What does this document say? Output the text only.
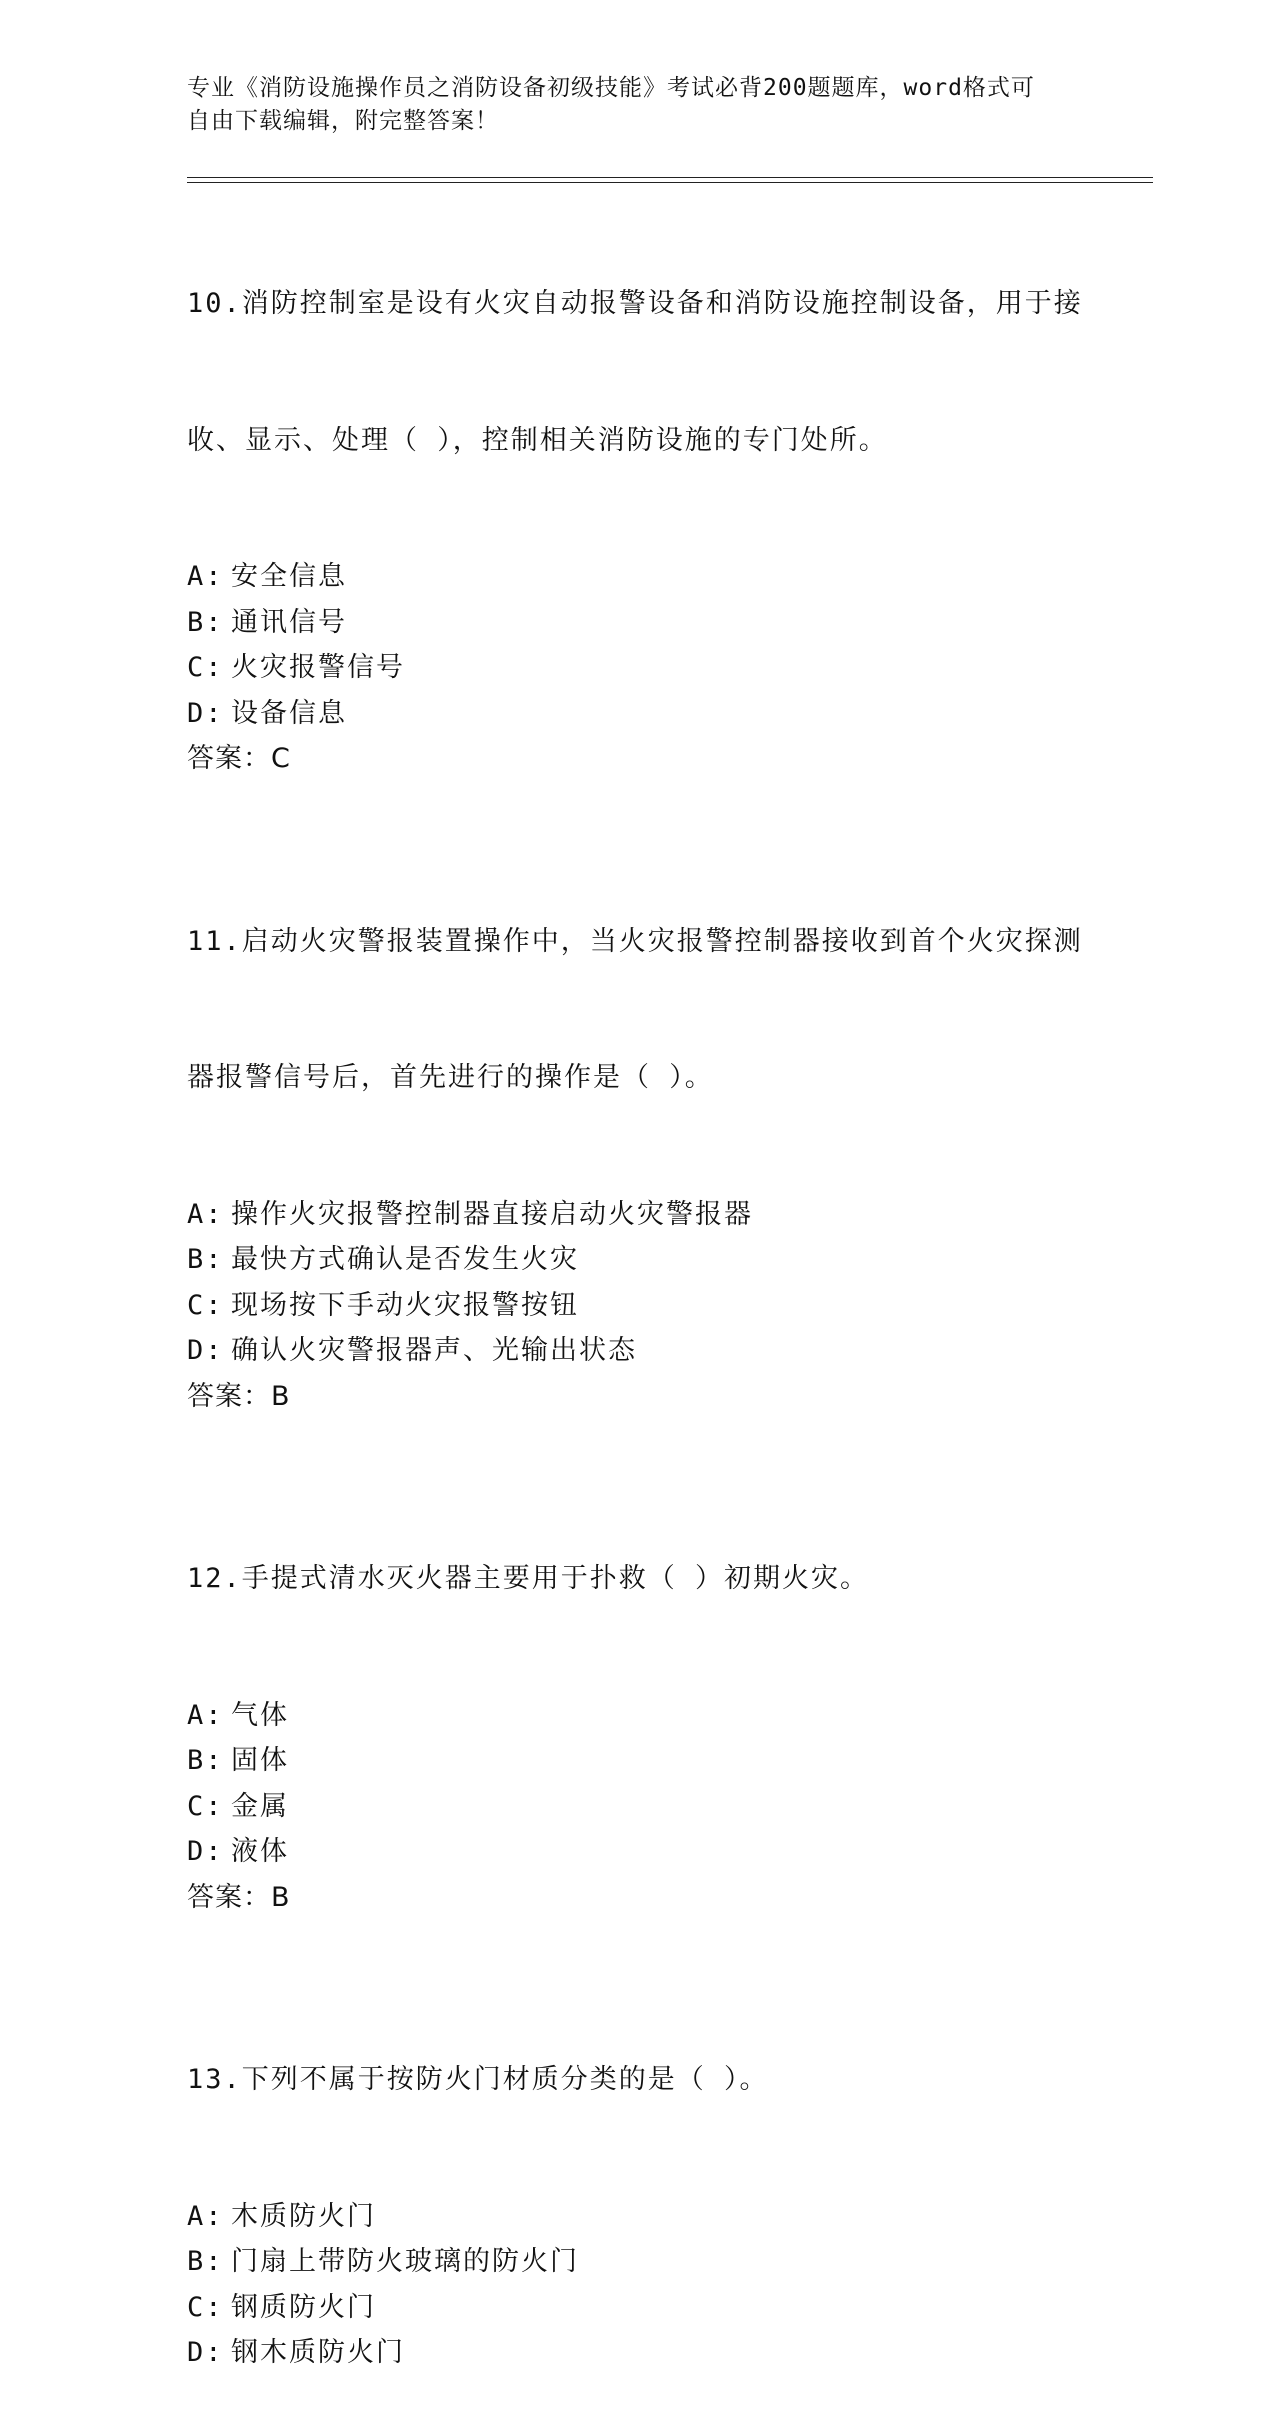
专业《消防设施操作员之消防设备初级技能》考试必背200题题库，word格式可
自由下载编辑，附完整答案！

10.消防控制室是设有火灾自动报警设备和消防设施控制设备，用于接

收、显示、处理（ ），控制相关消防设施的专门处所。

A: 安全信息
B: 通讯信号
C: 火灾报警信号
D: 设备信息
答案：C

11.启动火灾警报装置操作中，当火灾报警控制器接收到首个火灾探测

器报警信号后，首先进行的操作是（ ）。

A: 操作火灾报警控制器直接启动火灾警报器
B: 最快方式确认是否发生火灾
C: 现场按下手动火灾报警按钮
D: 确认火灾警报器声、光输出状态
答案：B

12.手提式清水灭火器主要用于扑救（ ）初期火灾。

A: 气体
B: 固体
C: 金属
D: 液体
答案：B

13.下列不属于按防火门材质分类的是（ ）。

A: 木质防火门
B: 门扇上带防火玻璃的防火门
C: 钢质防火门
D: 钢木质防火门
